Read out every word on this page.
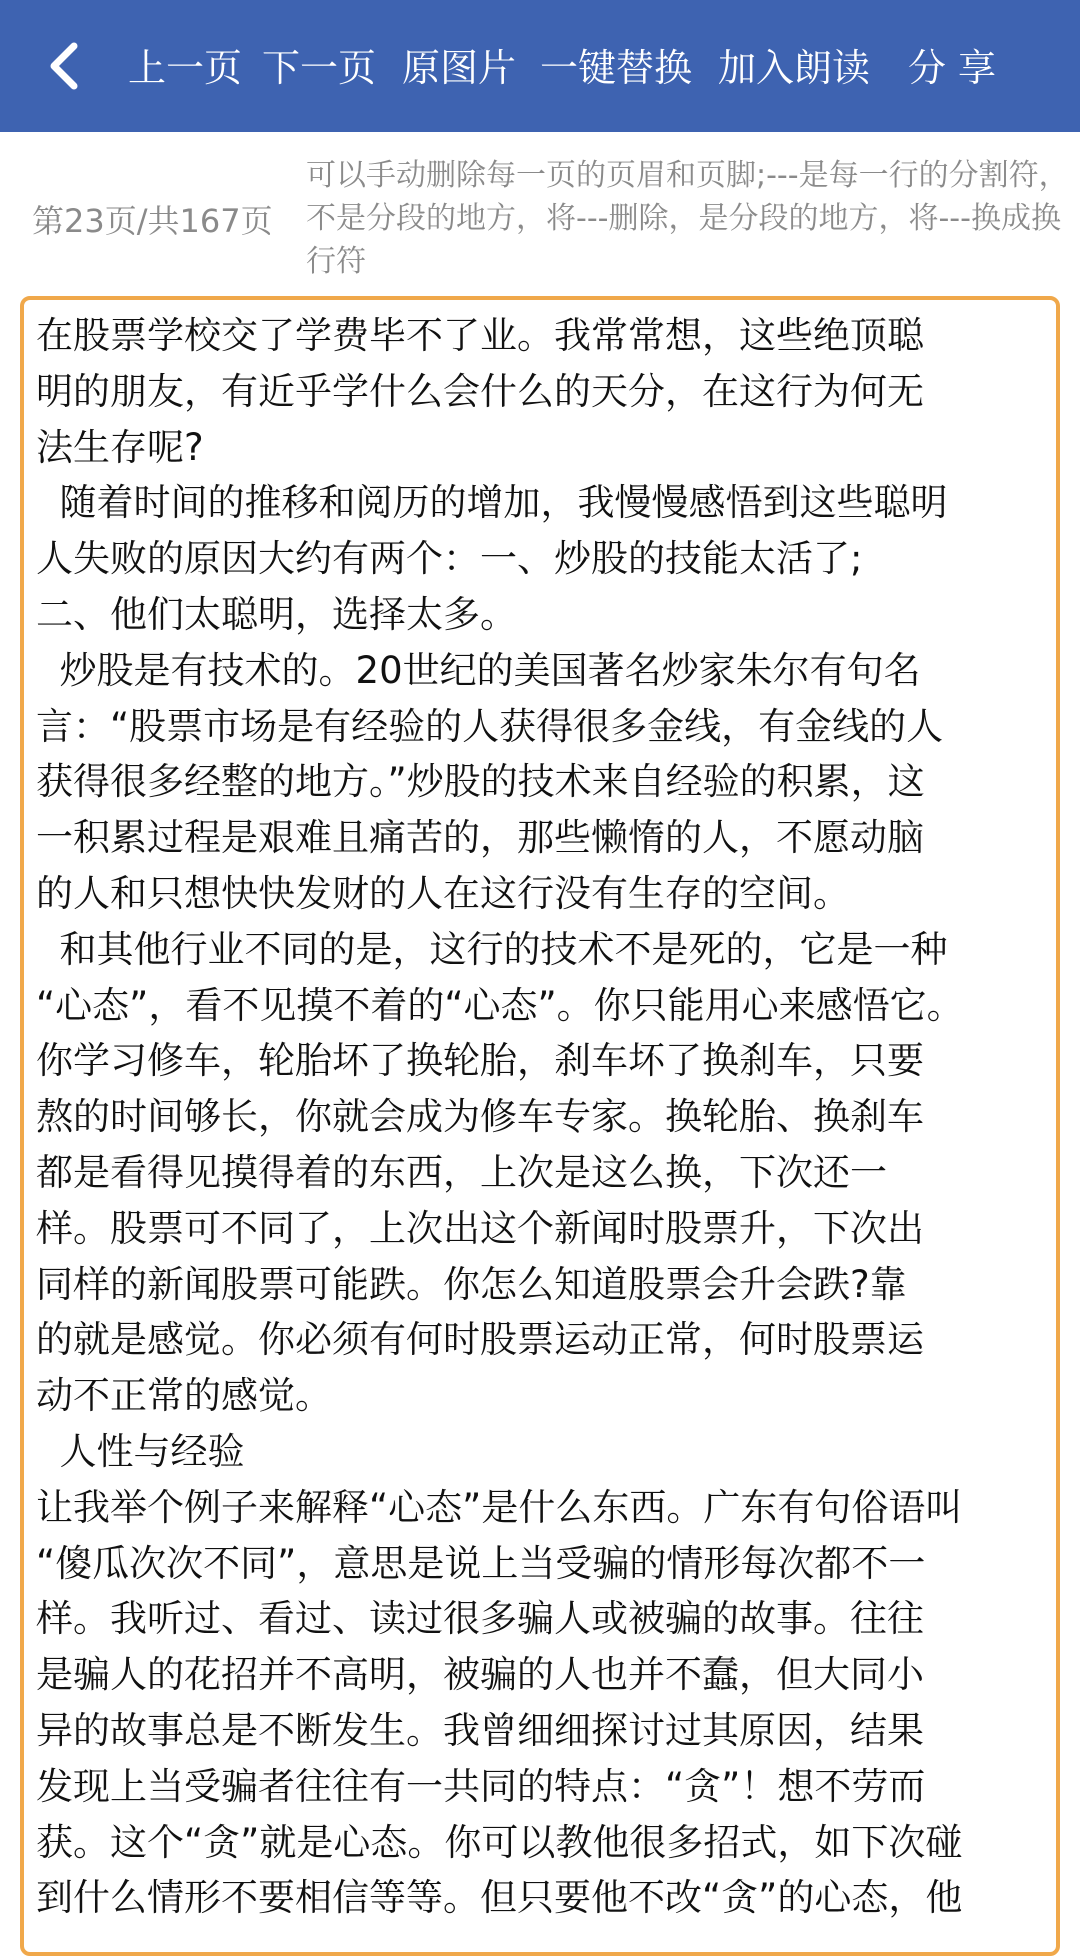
上一页 下一页 原图片 一键替换 加入朗读 分享
第23页/共167页
可以手动删除每一页的页眉和页脚;---是每一行的分割符，不是分段的地方，将---删除，是分段的地方，将---换成换行符
在股票学校交了学费毕不了业。我常常想，这些绝顶聪
明的朋友，有近乎学什么会什么的天分，在这行为何无
法生存呢?
随着时间的推移和阅历的增加，我慢慢感悟到这些聪明
人失败的原因大约有两个：一、炒股的技能太活了;
二、他们太聪明，选择太多。
炒股是有技术的。20世纪的美国著名炒家朱尔有句名
言：“股票市场是有经验的人获得很多金线，有金线的人
获得很多经整的地方。”炒股的技术来自经验的积累，这
一积累过程是艰难且痛苦的，那些懒惰的人，不愿动脑
的人和只想快快发财的人在这行没有生存的空间。
和其他行业不同的是，这行的技术不是死的，它是一种
“心态”，看不见摸不着的“心态”。你只能用心来感悟它。
你学习修车，轮胎坏了换轮胎，刹车坏了换刹车，只要
熬的时间够长，你就会成为修车专家。换轮胎、换刹车
都是看得见摸得着的东西，上次是这么换，下次还一
样。股票可不同了，上次出这个新闻时股票升，下次出
同样的新闻股票可能跌。你怎么知道股票会升会跌?靠
的就是感觉。你必须有何时股票运动正常，何时股票运
动不正常的感觉。
人性与经验
让我举个例子来解释“心态”是什么东西。广东有句俗语叫
“傻瓜次次不同”，意思是说上当受骗的情形每次都不一
样。我听过、看过、读过很多骗人或被骗的故事。往往
是骗人的花招并不高明，被骗的人也并不蠢，但大同小
异的故事总是不断发生。我曾细细探讨过其原因，结果
发现上当受骗者往往有一共同的特点：“贪”！想不劳而
获。这个“贪”就是心态。你可以教他很多招式，如下次碰
到什么情形不要相信等等。但只要他不改“贪”的心态，他
